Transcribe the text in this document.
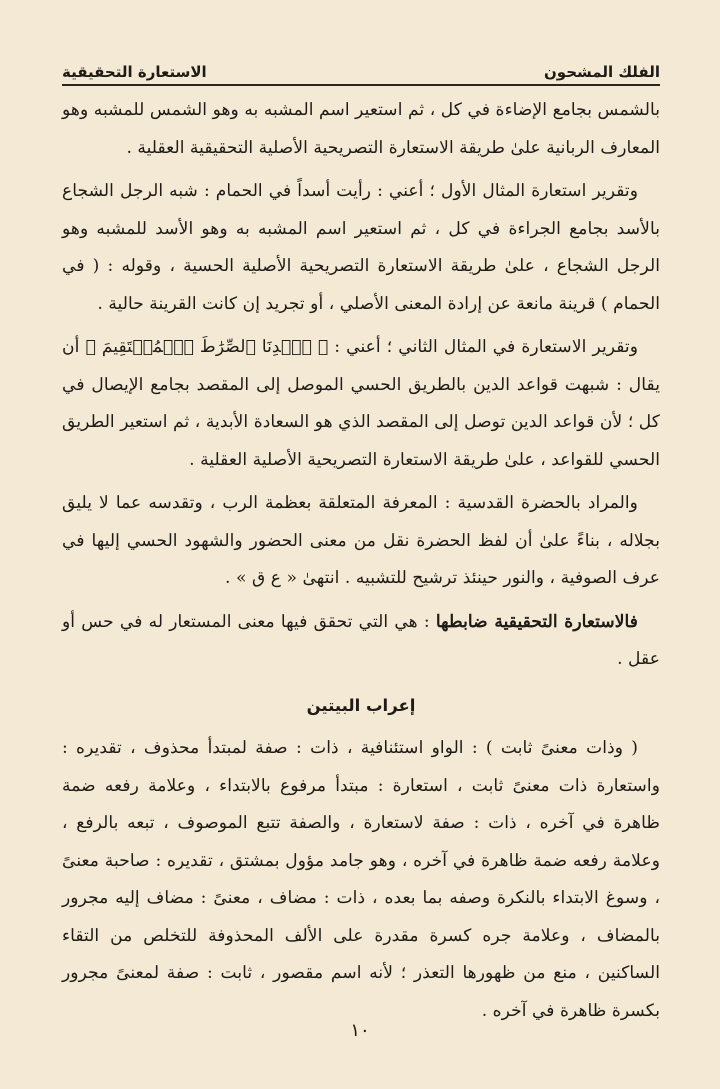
الفلك المشحون
الاستعارة التحقيقية

بالشمس بجامع الإضاءة في كل ، ثم استعير اسم المشبه به وهو الشمس للمشبه وهو المعارف الربانية علىٰ طريقة الاستعارة التصريحية الأصلية التحقيقية العقلية .

وتقرير استعارة المثال الأول ؛ أعني : رأيت أسداً في الحمام : شبه الرجل الشجاع بالأسد بجامع الجراءة في كل ، ثم استعير اسم المشبه به وهو الأسد للمشبه وهو الرجل الشجاع ، علىٰ طريقة الاستعارة التصريحية الأصلية الحسية ، وقوله : ( في الحمام ) قرينة مانعة عن إرادة المعنى الأصلي ، أو تجريد إن كانت القرينة حالية .

وتقرير الاستعارة في المثال الثاني ؛ أعني : ﴿ ٱهۡدِنَا ٱلصِّرَٰطَ ٱلۡمُسۡتَقِيمَ ﴾ أن يقال : شبهت قواعد الدين بالطريق الحسي الموصل إلى المقصد بجامع الإيصال في كل ؛ لأن قواعد الدين توصل إلى المقصد الذي هو السعادة الأبدية ، ثم استعير الطريق الحسي للقواعد ، علىٰ طريقة الاستعارة التصريحية الأصلية العقلية .

والمراد بالحضرة القدسية : المعرفة المتعلقة بعظمة الرب ، وتقدسه عما لا يليق بجلاله ، بناءً علىٰ أن لفظ الحضرة نقل من معنى الحضور والشهود الحسي إليها في عرف الصوفية ، والنور حينئذ ترشيح للتشبيه . انتهىٰ « ع ق » .

فالاستعارة التحقيقية ضابطها : هي التي تحقق فيها معنى المستعار له في حس أو عقل .

إعراب البيتين

( وذات معنىً ثابت ) : الواو استئنافية ، ذات : صفة لمبتدأ محذوف ، تقديره : واستعارة ذات معنىً ثابت ، استعارة : مبتدأ مرفوع بالابتداء ، وعلامة رفعه ضمة ظاهرة في آخره ، ذات : صفة لاستعارة ، والصفة تتبع الموصوف ، تبعه بالرفع ، وعلامة رفعه ضمة ظاهرة في آخره ، وهو جامد مؤول بمشتق ، تقديره : صاحبة معنىً ، وسوغ الابتداء بالنكرة وصفه بما بعده ، ذات : مضاف ، معنىً : مضاف إليه مجرور بالمضاف ، وعلامة جره كسرة مقدرة على الألف المحذوفة للتخلص من التقاء الساكنين ، منع من ظهورها التعذر ؛ لأنه اسم مقصور ، ثابت : صفة لمعنىً مجرور بكسرة ظاهرة في آخره .

١٠
